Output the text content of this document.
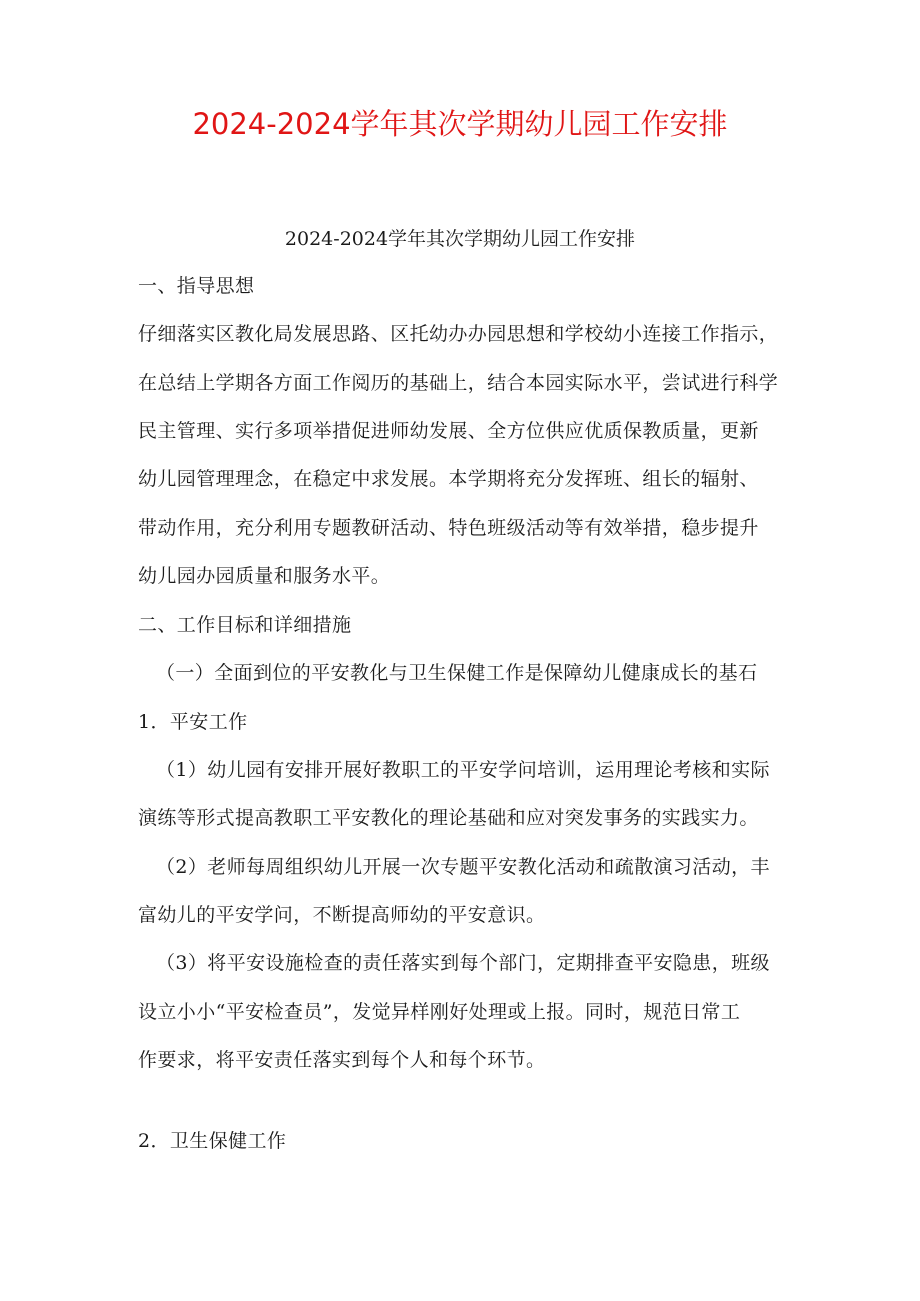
2024-2024学年其次学期幼儿园工作安排
2024-2024学年其次学期幼儿园工作安排
一、指导思想
仔细落实区教化局发展思路、区托幼办办园思想和学校幼小连接工作指示，
在总结上学期各方面工作阅历的基础上，结合本园实际水平，尝试进行科学
民主管理、实行多项举措促进师幼发展、全方位供应优质保教质量，更新
幼儿园管理理念，在稳定中求发展。本学期将充分发挥班、组长的辐射、
带动作用，充分利用专题教研活动、特色班级活动等有效举措，稳步提升
幼儿园办园质量和服务水平。
二、工作目标和详细措施
（一）全面到位的平安教化与卫生保健工作是保障幼儿健康成长的基石
1．平安工作
（1）幼儿园有安排开展好教职工的平安学问培训，运用理论考核和实际
演练等形式提高教职工平安教化的理论基础和应对突发事务的实践实力。
（2）老师每周组织幼儿开展一次专题平安教化活动和疏散演习活动，丰
富幼儿的平安学问，不断提高师幼的平安意识。
（3）将平安设施检查的责任落实到每个部门，定期排查平安隐患，班级
设立小小“平安检查员”，发觉异样刚好处理或上报。同时，规范日常工
作要求，将平安责任落实到每个人和每个环节。
2．卫生保健工作
